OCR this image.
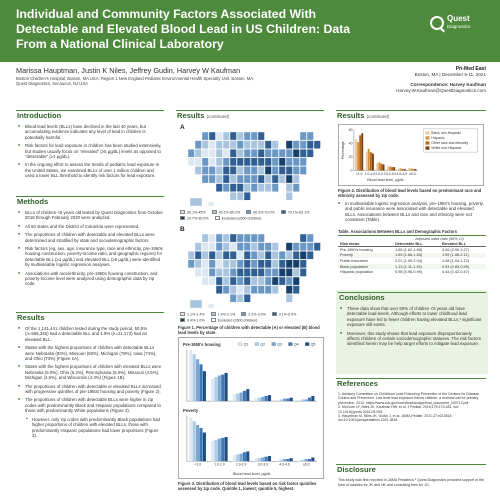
Individual and Community Factors Associated With Detectable and Elevated Blood Lead in US Children: Data From a National Clinical Laboratory
Quest
Diagnostics
Marissa Hauptman, Justin K Niles, Jeffrey Gudin, Harvey W Kaufman
Boston Children's Hospital, Boston, MA USA; Region 1 New England Pediatric Environmental Health Specialty Unit, Boston, MA;
Quest Diagnostics, Secaucus, NJ USA
Pri-Med East
Boston, MA | December 9-11, 2021
Correspondence: Harvey Kaufman
Harvey.W.Kaufman@QuestDiagnostics.com
Introduction
■ Blood lead levels (BLLs) have declined in the last 40 years, but accumulating evidence indicates any level of lead in children is potentially harmful.
■ Risk factors for lead exposure in children has been studied extensively, but studies usually focus on "elevated" (≥5 µg/dL) levels as opposed to "detectable" (≥1 µg/dL).
■ In the ongoing effort to assess the trends of pediatric lead exposure in the United States, we examined BLLs of over 1 million children and used a lower BLL threshold to identify risk factors for lead exposure.
Methods
■ BLLs of children <6 years old tested by Quest Diagnostics from October 2018 through February 2020 were analyzed.
■ All 50 states and the District of Columbia were represented.
■ The proportions of children with detectable and elevated BLLs were determined and stratified by state and sociodemographic factors.
■ Risk factors (eg, sex, age, insurance type, race and ethnicity, pre-1950s housing construction, poverty-income ratio, and geographic regions) for detectable BLL (≥1 µg/dL) and elevated BLL (≥5 µg/dL) were identified by multivariable logistic regression analyses.
■ Associations with race/ethnicity, pre-1950s housing construction, and poverty-income level were analyzed using demographic data by zip code.
Results
■ Of the 1,141,441 children tested during the study period, 50.5% (n=565,346) had a detectable BLL and 1.9% (n=21,172) had an elevated BLL.
■ States with the highest proportions of children with detectable BLLs were Nebraska (83%), Missouri (83%), Michigan (78%), Iowa (74%), and Ohio (73%) (Figure 1A).
■ States with the highest proportions of children with elevated BLLs were Nebraska (6.0%), Ohio (5.2%), Pennsylvania (5.0%), Missouri (4.5%), Michigan (4.5%), and Wisconsin (4.3%) (Figure 1B).
■ The proportions of children with detectable or elevated BLLs increased with progressive quintiles of pre-1950s housing and poverty (Figure 2).
■ The proportions of children with detectable BLLs were higher in zip codes with predominantly Black and Hispanic populations compared to those with predominantly White populations (Figure 3).
• However, only zip codes with predominantly Black populations had higher proportions of children with elevated BLLs, those with predominantly Hispanic populations had lower proportions (Figure 3).
Results (continued)
A
30.1%-45%	45.1%-60.2%	60.3%-70.0%	70.1%-83.1%
10.7%-30.0%	Excluded (≥500 children)
B
1.1%-1.4%	1.4%-2.1%	2.2%-3.0%	3.1%-6.0%
0.4%-1.0%	Excluded (≥500 children)
Figure 1. Percentage of children with detectable (A) or elevated (B) blood lead levels by state.
Pre-1950's housing	Q1	Q2	Q3	Q4	Q5
Poverty
<1.0	1.0-1.9	2.0-2.9	3.0-3.9	4.0-4.9	≥5.0
Blood lead level, µg/dL
Figure 3. Distribution of blood lead levels based on risk factor quintiles assessed by zip code. Quintile 1, lowest; quintile 5, highest.
Results (continued)
<1.0 1.0-1.9 2.0-2.9 3.0-3.9 4.0-4.9 ≥5.0
0
20
40
60
Percentage
Blood lead level, µg/dL
Black non-Hispanic
Hispanic
Other race and ethnicity
White non-Hispanic
Figure 2. Distribution of blood lead levels based on predominant race and ethnicity assessed by zip code.
■ In multivariable logistic regression analysis, pre-1950's housing, poverty, and public insurance were associated with detectable and elevated BLLs. Associations between BLLs and race and ethnicity were not consistent (Table).
Table. Associations Between BLLs and Demographic Factors
	Adjusted odds ratio (95% CI)	
Risk factor	Detectable BLL	Elevated BLL
Pre-1950's housing	1.65 (1.62-1.68)	3.06 (2.90-3.27)
Poverty	1.69 (1.66-1.83)	1.99 (1.88-2.11)
Public insurance	2.01 (1.99-2.04)	1.08 (1.04-1.12)
Black population	1.13 (1.11-1.15)	0.93 (0.85-0.99)
Hispanic population	0.98 (0.96-0.99)	0.44 (0.42-0.47)
Conclusions
■ These data show that over 50% of children <6 years old have detectable lead levels. Although efforts to lower childhood lead exposure have led to fewer children having elevated BLLs,¹ significant exposure still exists.
■ Moreover, this study shows that lead exposure disproportionately affects children of certain sociodemographic statuses. The risk factors identified herein may be help target efforts to mitigate lead exposure.
References
1. Advisory Committee on Childhood Lead Poisoning Prevention of the Centers for Disease Control and Prevention. Low level lead exposure harms children: a renewal call for primary prevention. 2012. https://www.cdc.gov/nceh/lead/acclpp/final_document_030712.pdf
2. McClure LF, Niles JK, Kaufman HW, et al. J Pediatr. 2016;175:173-181. doi: 10.1016/j.jpeds.2016.05.005
3. Hauptman M, Niles JK, Gudin J, et al. JAMA Pediatr. 2021;27:e213518. doi:10.1001/jamapediatrics.2021.3518
Disclosure
This study was first reported in JAMA Pediatrics.³ Quest Diagnostics provided support in the form of salaries for JK and HK and consulting fees for JG.
